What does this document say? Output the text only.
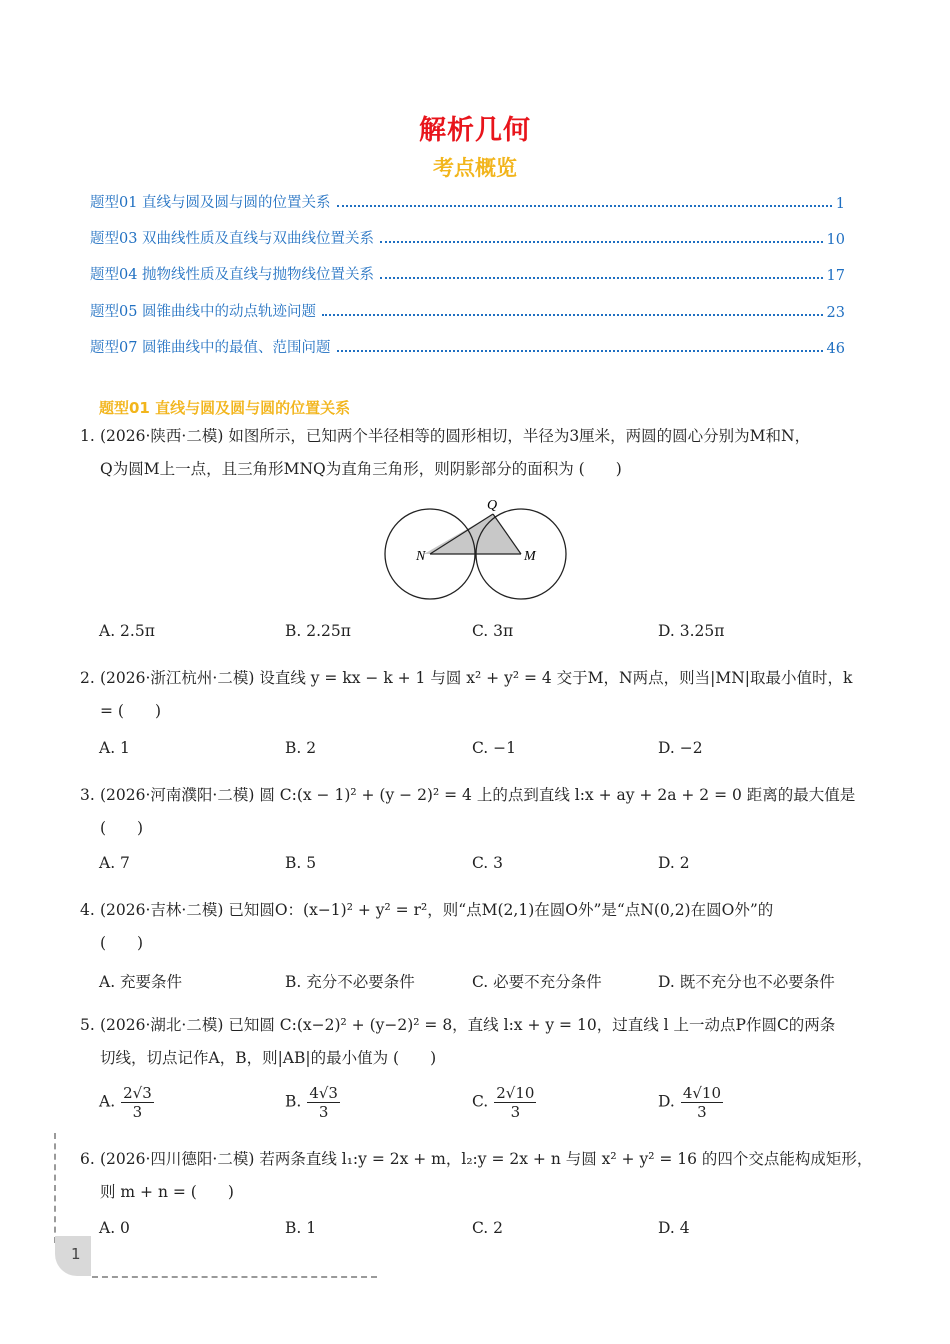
解析几何
考点概览
题型01 直线与圆及圆与圆的位置关系	1
题型03 双曲线性质及直线与双曲线位置关系	10
题型04 抛物线性质及直线与抛物线位置关系	17
题型05 圆锥曲线中的动点轨迹问题	23
题型07 圆锥曲线中的最值、范围问题	46
题型01 直线与圆及圆与圆的位置关系
1. (2026·陕西·二模) 如图所示，已知两个半径相等的圆形相切，半径为3厘米，两圆的圆心分别为M和N，
Q为圆M上一点，且三角形MNQ为直角三角形，则阴影部分的面积为 (　　)
N	M
Q
A. 2.5π	B. 2.25π	C. 3π	D. 3.25π
2. (2026·浙江杭州·二模) 设直线 y = kx − k + 1 与圆 x² + y² = 4 交于M，N两点，则当|MN|取最小值时，k
= (　　)
A. 1	B. 2	C. −1	D. −2
3. (2026·河南濮阳·二模) 圆 C:(x − 1)² + (y − 2)² = 4 上的点到直线 l:x + ay + 2a + 2 = 0 距离的最大值是
(　　)
A. 7	B. 5	C. 3	D. 2
4. (2026·吉林·二模) 已知圆O：(x−1)² + y² = r²，则“点M(2,1)在圆O外”是“点N(0,2)在圆O外”的
(　　)
A. 充要条件	B. 充分不必要条件	C. 必要不充分条件	D. 既不充分也不必要条件
5. (2026·湖北·二模) 已知圆 C:(x−2)² + (y−2)² = 8，直线 l:x + y = 10，过直线 l 上一动点P作圆C的两条
切线，切点记作A，B，则|AB|的最小值为 (　　)
A. $\frac{2√3}{3}$	B. $\frac{4√3}{3}$	C. $\frac{2√10}{3}$	D. $\frac{4√10}{3}$
6. (2026·四川德阳·二模) 若两条直线 l₁:y = 2x + m，l₂:y = 2x + n 与圆 x² + y² = 16 的四个交点能构成矩形，
则 m + n = (　　)
A. 0	B. 1	C. 2	D. 4
1
